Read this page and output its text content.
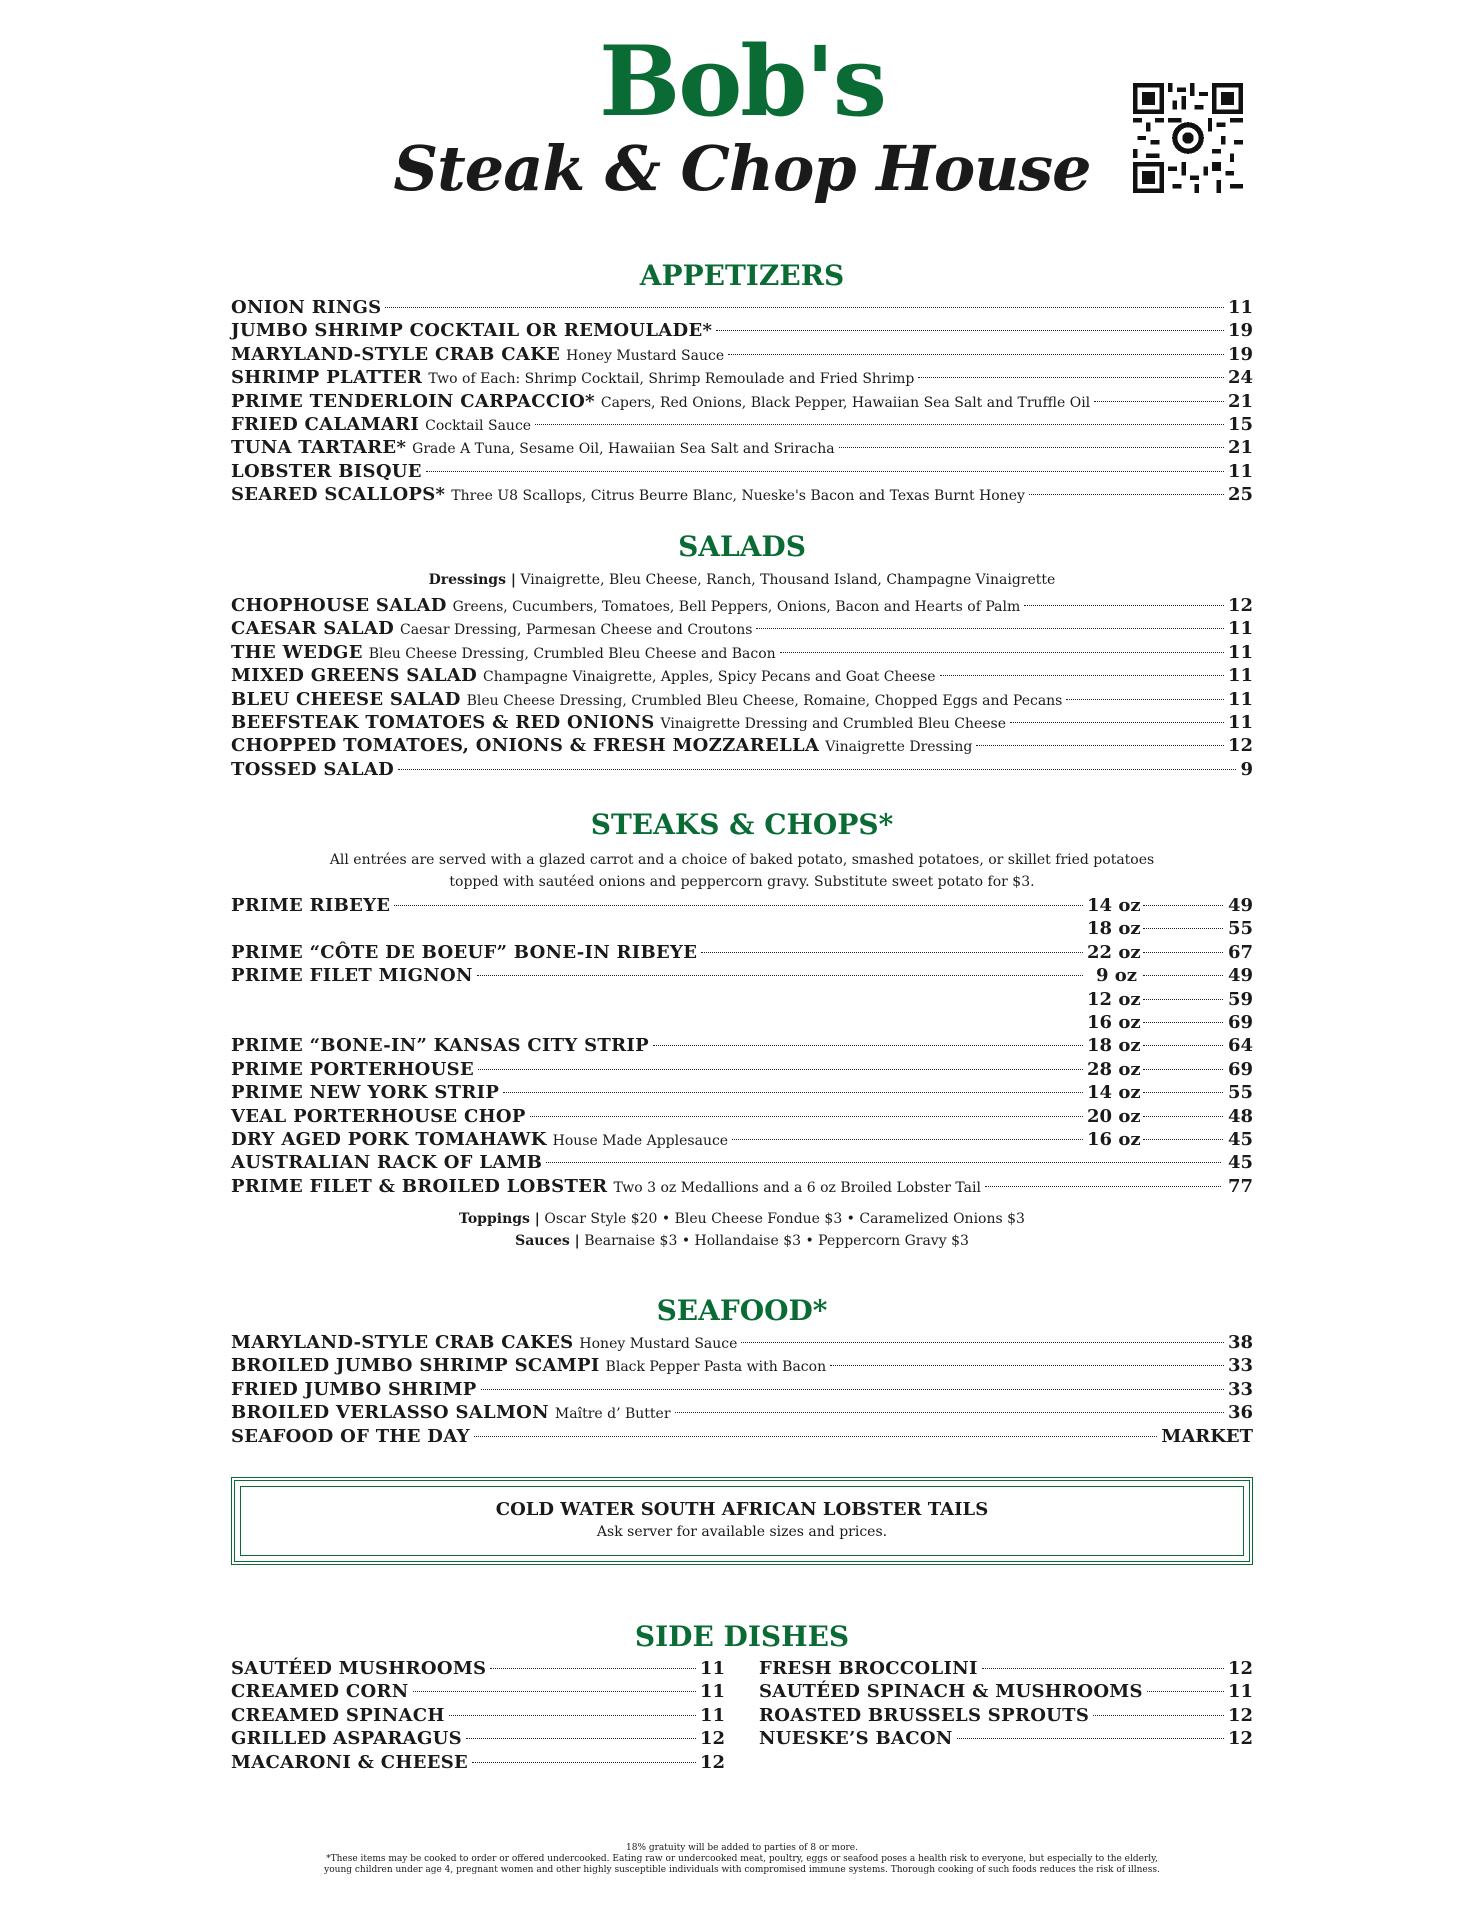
Bob's
Steak & Chop House
APPETIZERS
ONION RINGS	11
JUMBO SHRIMP COCKTAIL OR REMOULADE*	19
MARYLAND-STYLE CRAB CAKE Honey Mustard Sauce	19
SHRIMP PLATTER Two of Each: Shrimp Cocktail, Shrimp Remoulade and Fried Shrimp	24
PRIME TENDERLOIN CARPACCIO* Capers, Red Onions, Black Pepper, Hawaiian Sea Salt and Truffle Oil	21
FRIED CALAMARI Cocktail Sauce	15
TUNA TARTARE* Grade A Tuna, Sesame Oil, Hawaiian Sea Salt and Sriracha	21
LOBSTER BISQUE	11
SEARED SCALLOPS* Three U8 Scallops, Citrus Beurre Blanc, Nueske's Bacon and Texas Burnt Honey	25
SALADS
Dressings | Vinaigrette, Bleu Cheese, Ranch, Thousand Island, Champagne Vinaigrette
CHOPHOUSE SALAD Greens, Cucumbers, Tomatoes, Bell Peppers, Onions, Bacon and Hearts of Palm	12
CAESAR SALAD Caesar Dressing, Parmesan Cheese and Croutons	11
THE WEDGE Bleu Cheese Dressing, Crumbled Bleu Cheese and Bacon	11
MIXED GREENS SALAD Champagne Vinaigrette, Apples, Spicy Pecans and Goat Cheese	11
BLEU CHEESE SALAD Bleu Cheese Dressing, Crumbled Bleu Cheese, Romaine, Chopped Eggs and Pecans	11
BEEFSTEAK TOMATOES & RED ONIONS Vinaigrette Dressing and Crumbled Bleu Cheese	11
CHOPPED TOMATOES, ONIONS & FRESH MOZZARELLA Vinaigrette Dressing	12
TOSSED SALAD	9
STEAKS & CHOPS*
All entrées are served with a glazed carrot and a choice of baked potato, smashed potatoes, or skillet fried potatoes
topped with sautéed onions and peppercorn gravy. Substitute sweet potato for $3.
PRIME RIBEYE	14 oz	49
18 oz	55
PRIME “CÔTE DE BOEUF” BONE-IN RIBEYE	22 oz	67
PRIME FILET MIGNON	9 oz	49
12 oz	59
16 oz	69
PRIME “BONE-IN” KANSAS CITY STRIP	18 oz	64
PRIME PORTERHOUSE	28 oz	69
PRIME NEW YORK STRIP	14 oz	55
VEAL PORTERHOUSE CHOP	20 oz	48
DRY AGED PORK TOMAHAWK House Made Applesauce	16 oz	45
AUSTRALIAN RACK OF LAMB	45
PRIME FILET & BROILED LOBSTER Two 3 oz Medallions and a 6 oz Broiled Lobster Tail	77
Toppings | Oscar Style $20 • Bleu Cheese Fondue $3 • Caramelized Onions $3
Sauces | Bearnaise $3 • Hollandaise $3 • Peppercorn Gravy $3
SEAFOOD*
MARYLAND-STYLE CRAB CAKES Honey Mustard Sauce	38
BROILED JUMBO SHRIMP SCAMPI Black Pepper Pasta with Bacon	33
FRIED JUMBO SHRIMP	33
BROILED VERLASSO SALMON Maître d’ Butter	36
SEAFOOD OF THE DAY	MARKET
COLD WATER SOUTH AFRICAN LOBSTER TAILS
Ask server for available sizes and prices.
SIDE DISHES
SAUTÉED MUSHROOMS	11
CREAMED CORN	11
CREAMED SPINACH	11
GRILLED ASPARAGUS	12
MACARONI & CHEESE	12
FRESH BROCCOLINI	12
SAUTÉED SPINACH & MUSHROOMS	11
ROASTED BRUSSELS SPROUTS	12
NUESKE’S BACON	12
18% gratuity will be added to parties of 8 or more.
*These items may be cooked to order or offered undercooked. Eating raw or undercooked meat, poultry, eggs or seafood poses a health risk to everyone, but especially to the elderly,
young children under age 4, pregnant women and other highly susceptible individuals with compromised immune systems. Thorough cooking of such foods reduces the risk of illness.
